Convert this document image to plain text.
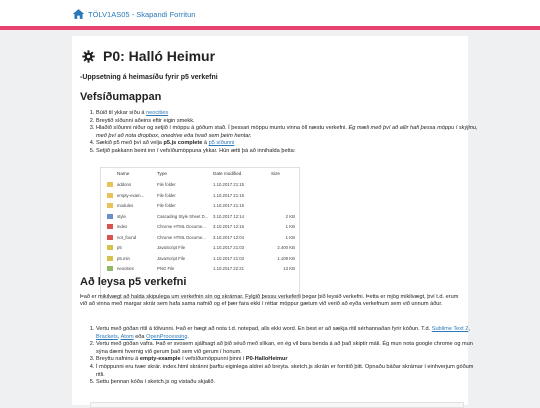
TÖLV1AS05 - Skapandi Forritun
P0: Halló Heimur
-Uppsetning á heimasíðu fyrir p5 verkefni
Vefsíðumappan
1. Búið til ykkar síðu á neocities
2. Breytið síðunni aðeins eftir eigin smekk.
3. Hlaðið síðunni niður og setjið í möppu á góðum stað. Í þessari möppu muntu vinna öll næstu verkefni. Ég mæli með því að allir hafi þessa möppu í skýjinu, með því að nota dropbox, onedrive eða hvað sem þeim hentar.
4. Sækið p5 með því að velja p5.js complete á p5 síðunni
5. Setjið pakkann beint inn í vefsíðumöppuna ykkar. Hún ætti þá að innihalda þetta:
Name	Type	Date modified	Size
addons	File folder	1.10.2017 21:15
empty-exam...	File folder	1.10.2017 21:15
modules	File folder	1.10.2017 21:15
style	Cascading Style Sheet D... 3.10.2017 12:14	2 KB
index	Chrome HTML Docume... 3.10.2017 12:16	1 KB
not_found	Chrome HTML Docume... 3.10.2017 12:04	1 KB
p5	JavaScript File	1.10.2017 21:03	2.400 KB
p5.min	JavaScript File	1.10.2017 21:03	1.109 KB
neocities	PNG File	1.10.2017 22:21	13 KB
Að leysa p5 verkefni
Það er mikilvægt að halda skipulega um verkefnin sín og skrárnar. Fylgið þessu verkeferli þegar þið leysið verkefni. Þetta er mjög mikilvægt, því t.d. erum við að vinna með margar skrár sem hafa sama nafnið og ef þær fara ekki í réttar möppur gætum við verið að eyða verkefnum sem við unnum áður.
1. Vertu með góðan ritil á tölvunni. Það er hægt að nota t.d. notepad, alls ekki word. En best er að sækja ritil sérhannaðan fyrir kóðun. T.d. Sublime Text 2, Brackets, Atom eða OpenProcessing.
2. Vertu með góðan vafra. Það er svosem sjálfsagt að þið séuð með slíkan, en ég vil bara benda á að það skiptir máli. Ég mun nota google chrome og mun sýna dæmi hvernig við gerum það sem við gerum í honum.
3. Breyttu nafninu á empty-example í vefsíðumöppunni þinni í P0-HalloHeimur
4. Í möppunni eru tvær skrár. index.html skránni þarftu eiginlega aldrei að breyta. sketch.js skráin er forritið þitt. Opnaðu báðar skrárnar í einhverjum góðum ritli.
5. Settu þennan kóða í sketch.js og vistaðu skjalið.
